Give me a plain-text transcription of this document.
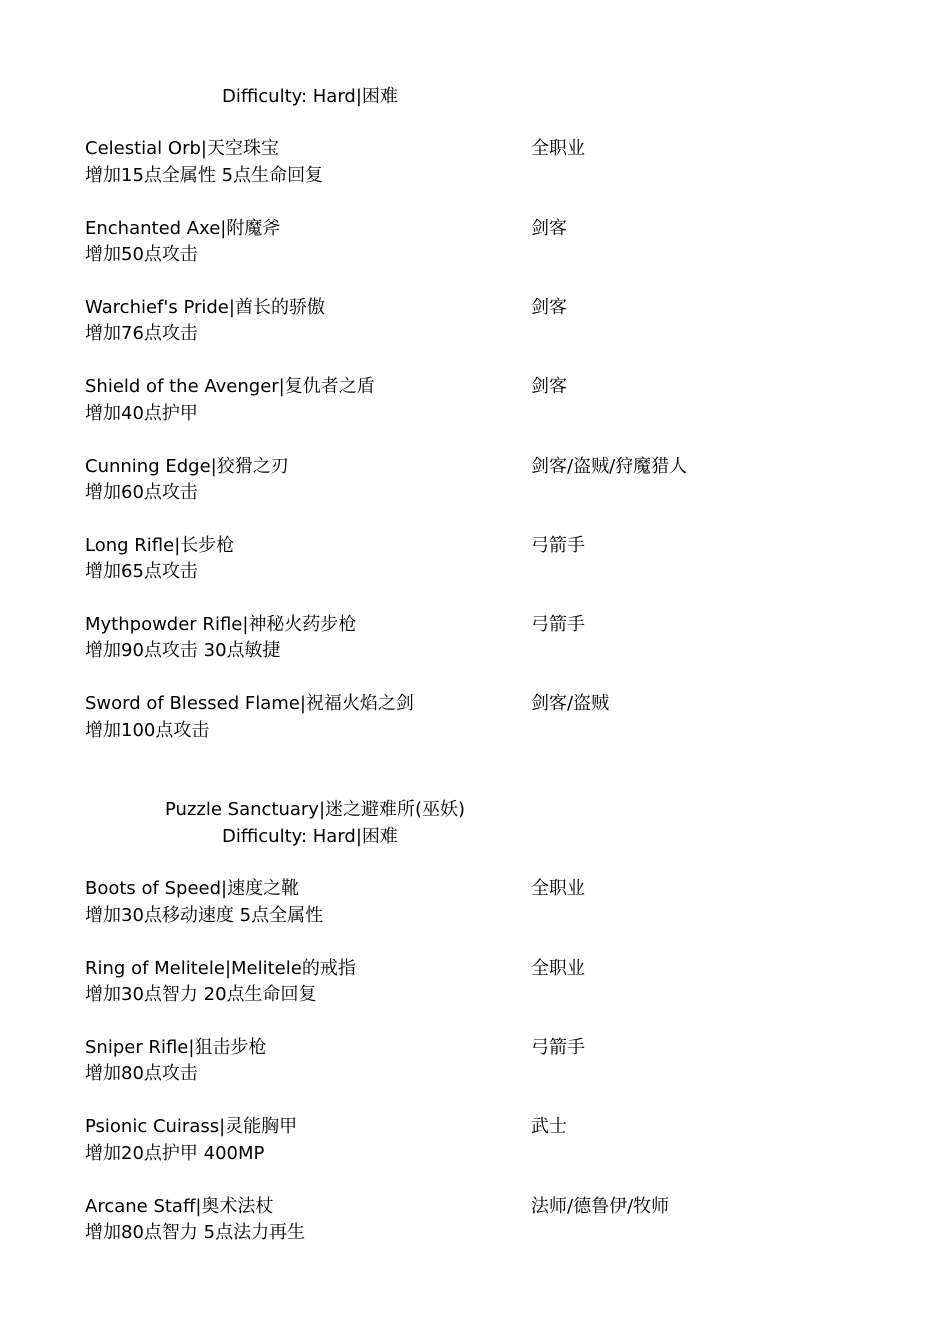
Difficulty: Hard|困难
Celestial Orb|天空珠宝	全职业
增加15点全属性 5点生命回复
Enchanted Axe|附魔斧	剑客
增加50点攻击
Warchief's Pride|酋长的骄傲	剑客
增加76点攻击
Shield of the Avenger|复仇者之盾	剑客
增加40点护甲
Cunning Edge|狡猾之刃	剑客/盗贼/狩魔猎人
增加60点攻击
Long Rifle|长步枪	弓箭手
增加65点攻击
Mythpowder Rifle|神秘火药步枪	弓箭手
增加90点攻击 30点敏捷
Sword of Blessed Flame|祝福火焰之剑	剑客/盗贼
增加100点攻击
Puzzle Sanctuary|迷之避难所(巫妖)
Difficulty: Hard|困难
Boots of Speed|速度之靴	全职业
增加30点移动速度 5点全属性
Ring of Melitele|Melitele的戒指	全职业
增加30点智力 20点生命回复
Sniper Rifle|狙击步枪	弓箭手
增加80点攻击
Psionic Cuirass|灵能胸甲	武士
增加20点护甲 400MP
Arcane Staff|奥术法杖	法师/德鲁伊/牧师
增加80点智力 5点法力再生
